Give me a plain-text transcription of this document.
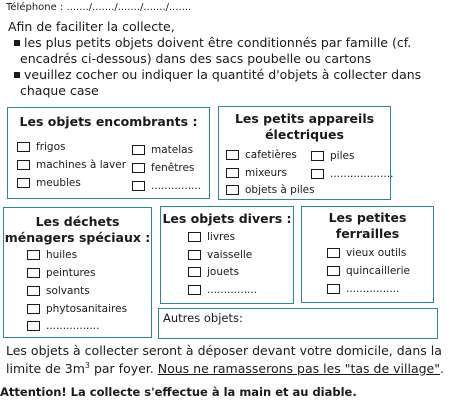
Téléphone : ......./......./......./......./.......
Afin de faciliter la collecte,
les plus petits objets doivent être conditionnés par famille (cf. encadrés ci-dessous) dans des sacs poubelle ou cartons
veuillez cocher ou indiquer la quantité d'objets à collecter dans chaque case
Les objets encombrants :
frigos
machines à laver
meubles
matelas
fenêtres
...............
Les petits appareils
électriques
cafetières
mixeurs
objets à piles
piles
...................
Les déchets
ménagers spéciaux :
huiles
peintures
solvants
phytosanitaires
................
Les objets divers :
livres
vaisselle
jouets
...............
Les petites
ferrailles
vieux outils
quincaillerie
................
Autres objets:
Les objets à collecter seront à déposer devant votre domicile, dans la limite de $3m^3$ par foyer. Nous ne ramasserons pas les "tas de village".
Attention! La collecte s'effectue à la main et au diable.
